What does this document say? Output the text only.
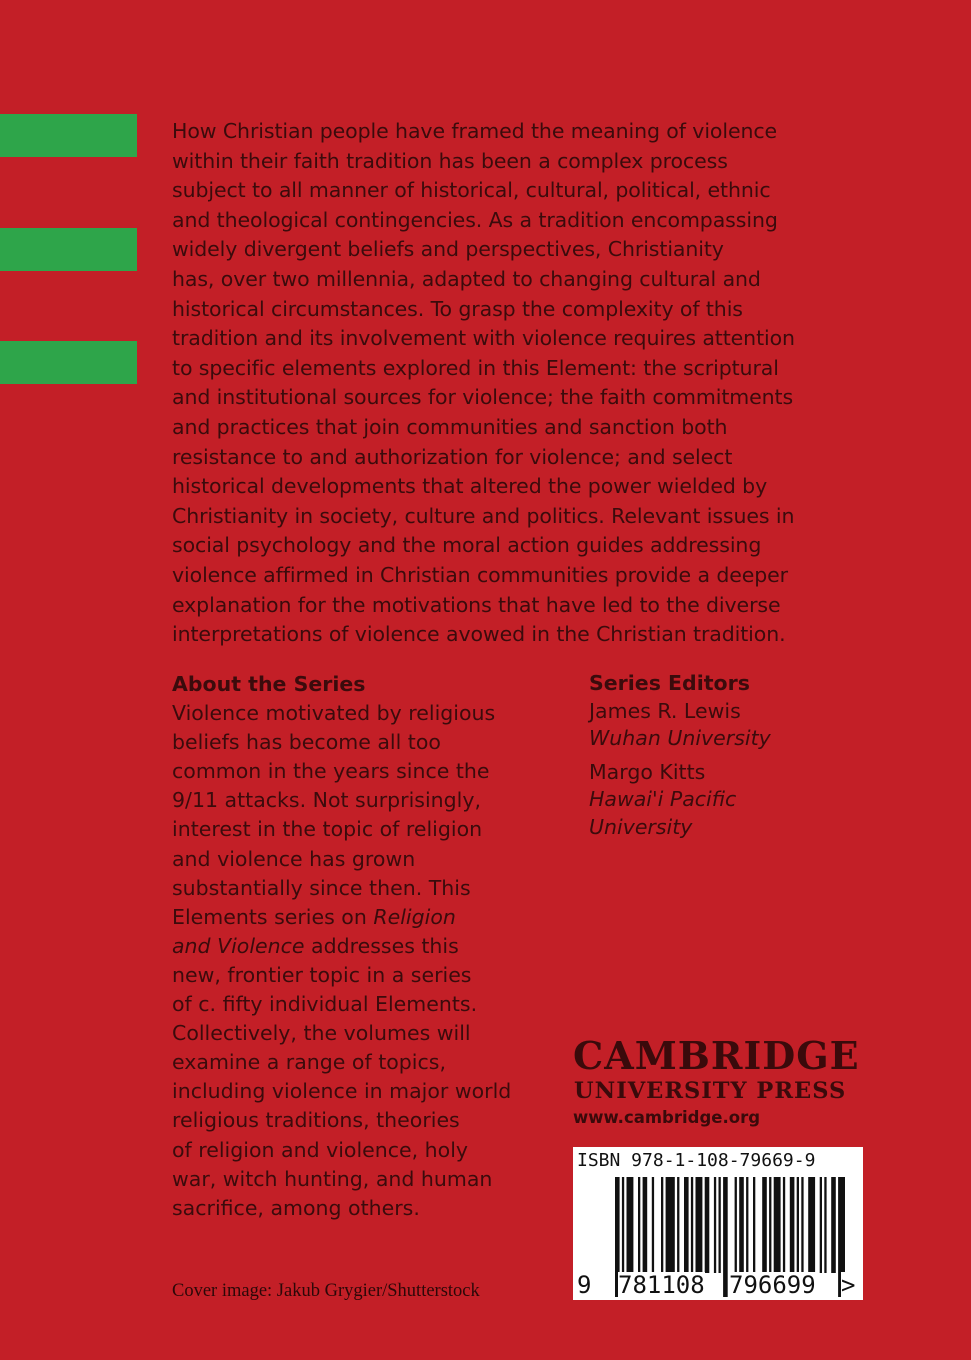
How Christian people have framed the meaning of violence
within their faith tradition has been a complex process
subject to all manner of historical, cultural, political, ethnic
and theological contingencies. As a tradition encompassing
widely divergent beliefs and perspectives, Christianity
has, over two millennia, adapted to changing cultural and
historical circumstances. To grasp the complexity of this
tradition and its involvement with violence requires attention
to specific elements explored in this Element: the scriptural
and institutional sources for violence; the faith commitments
and practices that join communities and sanction both
resistance to and authorization for violence; and select
historical developments that altered the power wielded by
Christianity in society, culture and politics. Relevant issues in
social psychology and the moral action guides addressing
violence affirmed in Christian communities provide a deeper
explanation for the motivations that have led to the diverse
interpretations of violence avowed in the Christian tradition.
About the Series
Violence motivated by religious
beliefs has become all too
common in the years since the
9/11 attacks. Not surprisingly,
interest in the topic of religion
and violence has grown
substantially since then. This
Elements series on Religion
and Violence addresses this
new, frontier topic in a series
of c. fifty individual Elements.
Collectively, the volumes will
examine a range of topics,
including violence in major world
religious traditions, theories
of religion and violence, holy
war, witch hunting, and human
sacrifice, among others.
Series Editors
James R. Lewis
Wuhan University
Margo Kitts
Hawai'i Pacific
University
CAMBRIDGE
UNIVERSITY PRESS
www.cambridge.org
ISBN 978-1-108-79669-9
9 781108 796699 >
Cover image: Jakub Grygier/Shutterstock
